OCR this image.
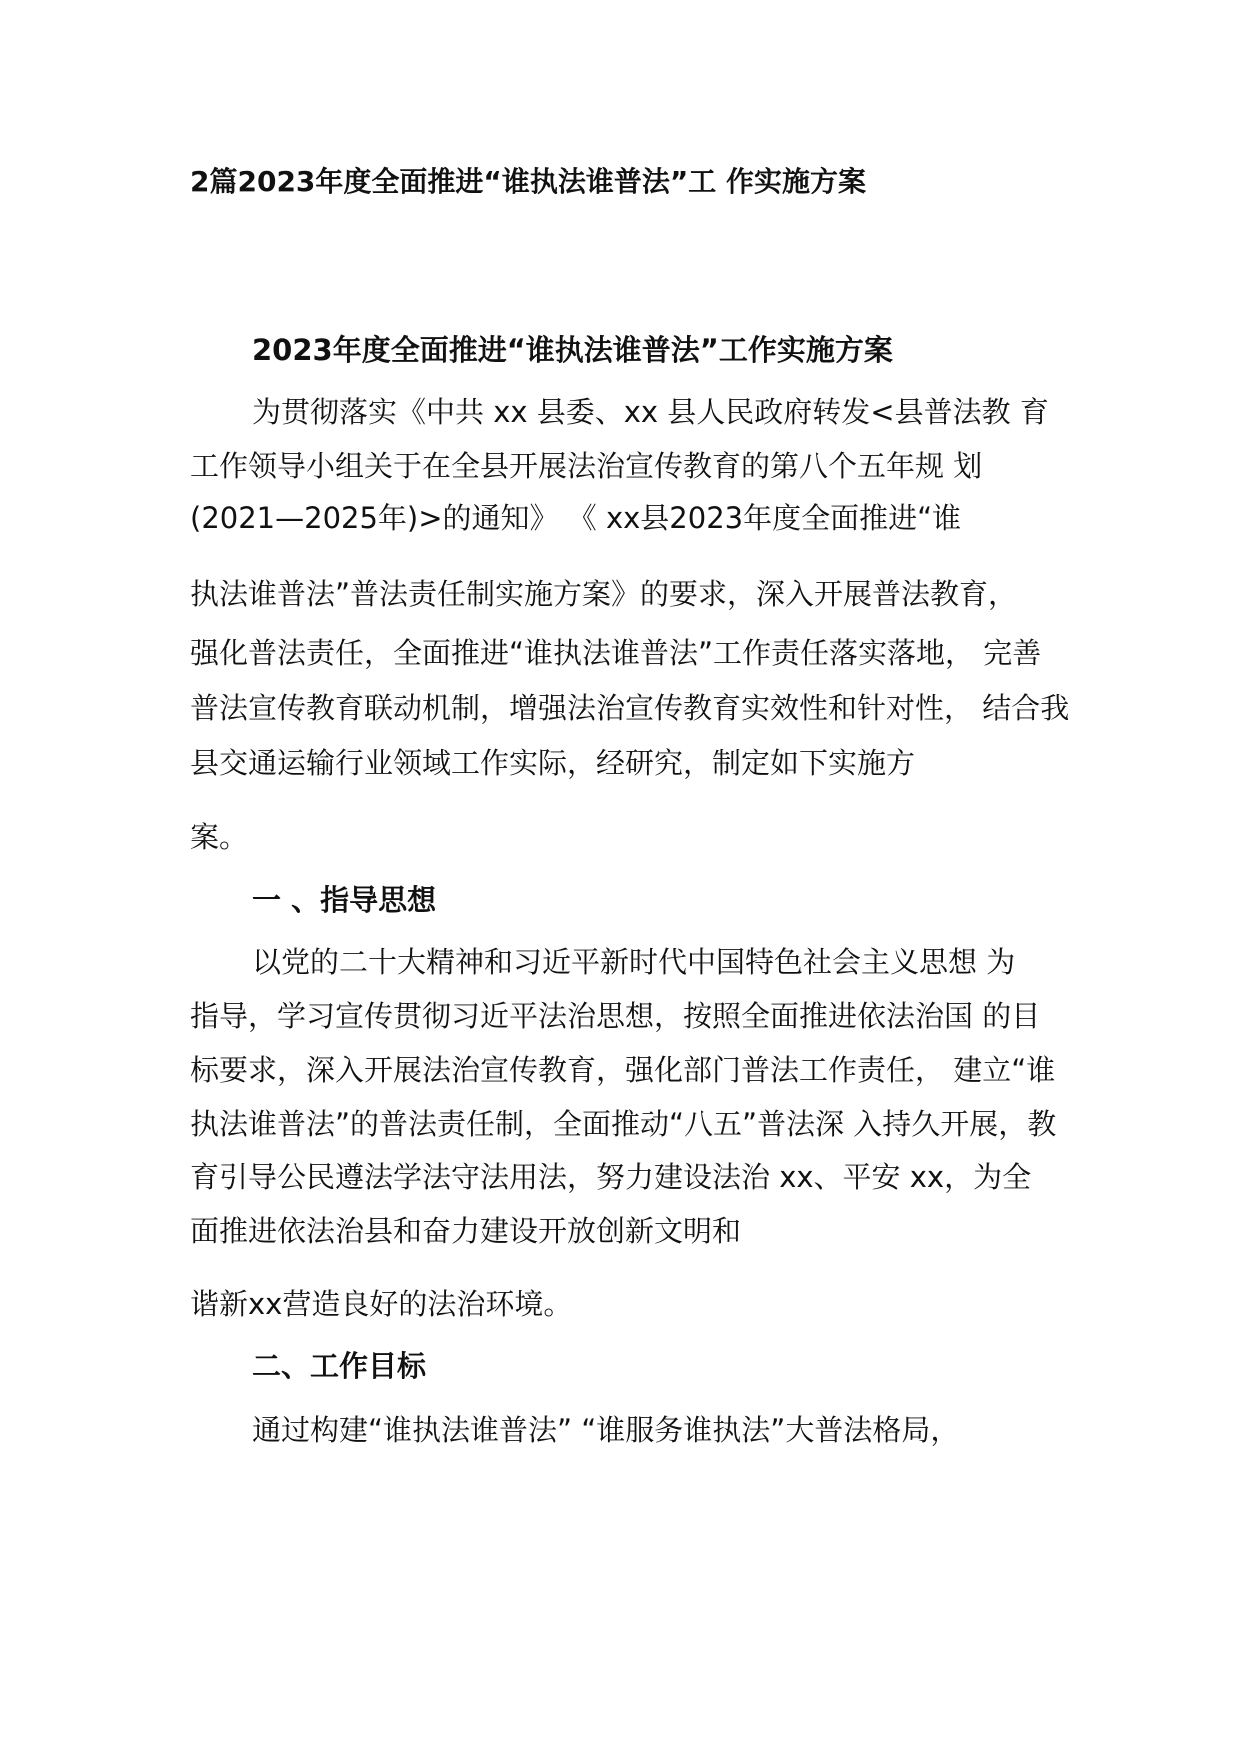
2篇2023年度全面推进“谁执法谁普法”工 作实施方案

2023年度全面推进“谁执法谁普法”工作实施方案

为贯彻落实《中共 xx 县委、xx 县人民政府转发<县普法教 育

工作领导小组关于在全县开展法治宣传教育的第八个五年规 划

(2021—2025年)>的通知》 《 xx县2023年度全面推进“谁

执法谁普法”普法责任制实施方案》的要求，深入开展普法教育，

强化普法责任，全面推进“谁执法谁普法”工作责任落实落地， 完善

普法宣传教育联动机制，增强法治宣传教育实效性和针对性， 结合我

县交通运输行业领域工作实际，经研究，制定如下实施方

案。

一 、指导思想

以党的二十大精神和习近平新时代中国特色社会主义思想 为

指导，学习宣传贯彻习近平法治思想，按照全面推进依法治国 的目

标要求，深入开展法治宣传教育，强化部门普法工作责任， 建立“谁

执法谁普法”的普法责任制，全面推动“八五”普法深 入持久开展，教

育引导公民遵法学法守法用法，努力建设法治 xx、平安 xx，为全

面推进依法治县和奋力建设开放创新文明和

谐新xx营造良好的法治环境。

二、工作目标

通过构建“谁执法谁普法” “谁服务谁执法”大普法格局，
